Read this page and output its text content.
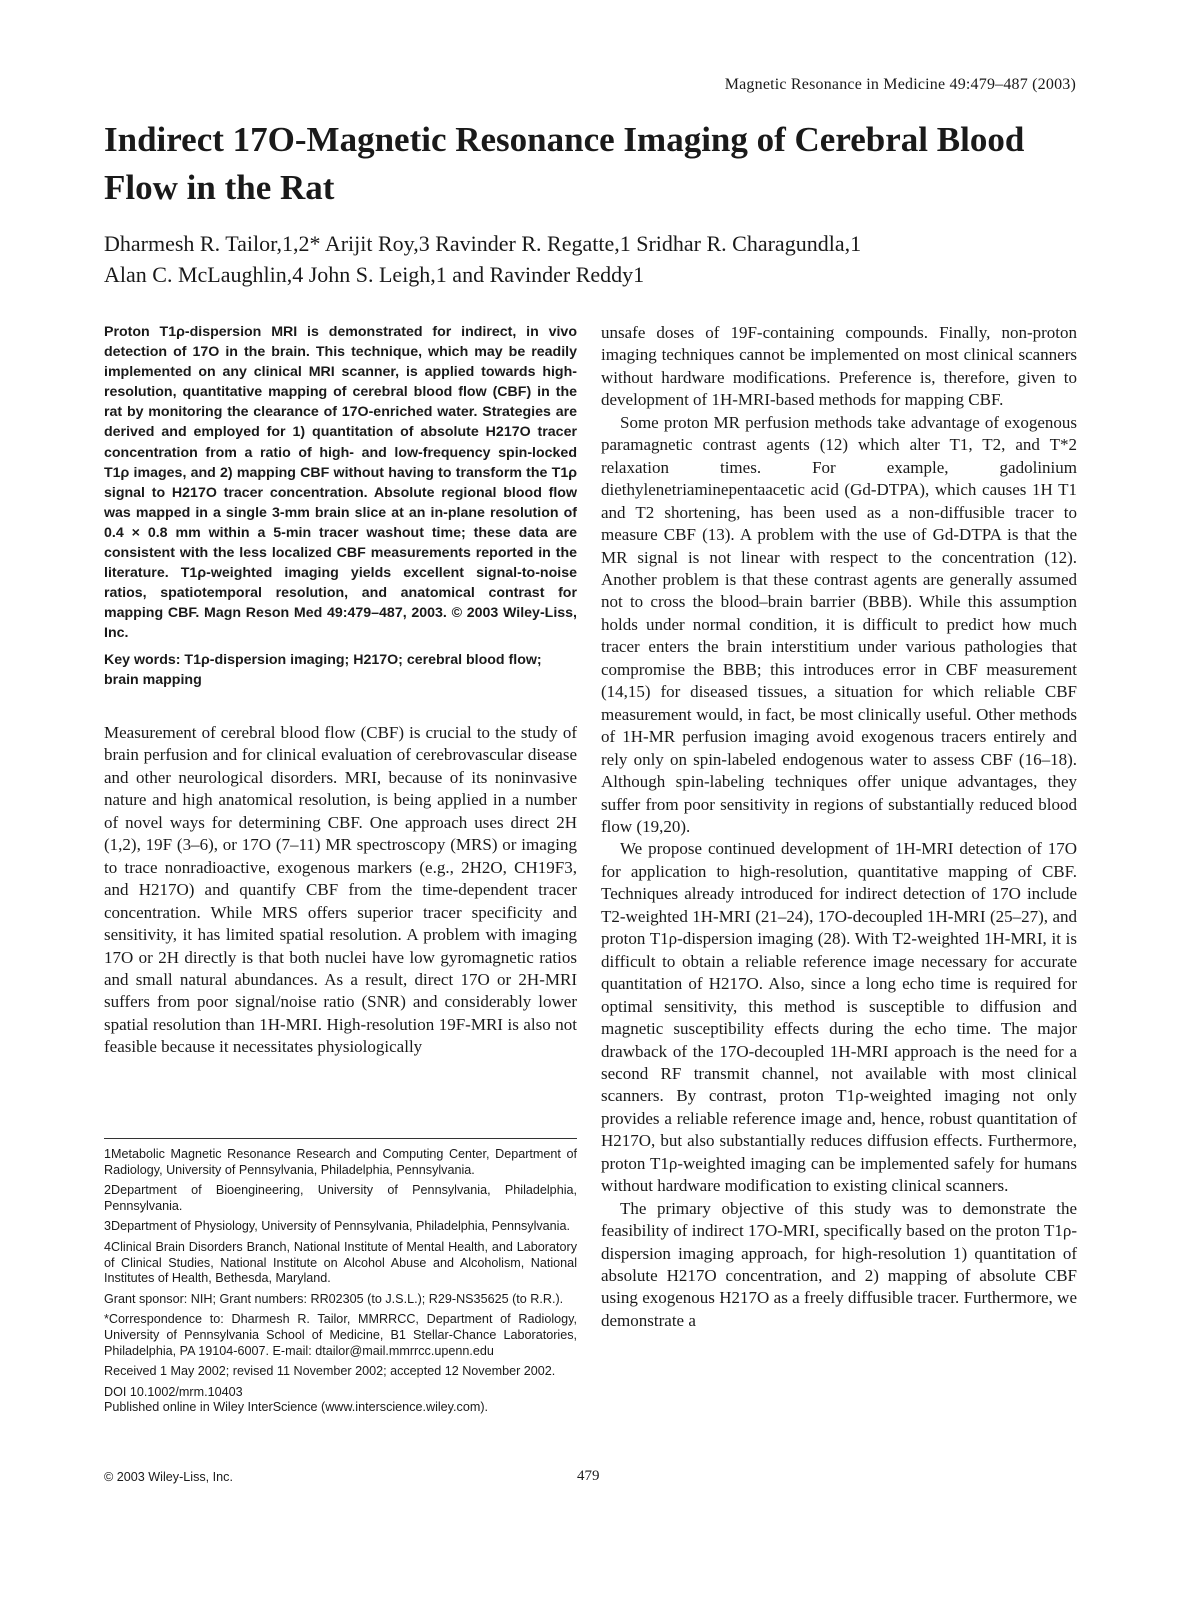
Magnetic Resonance in Medicine 49:479–487 (2003)
Indirect 17O-Magnetic Resonance Imaging of Cerebral Blood Flow in the Rat
Dharmesh R. Tailor,1,2* Arijit Roy,3 Ravinder R. Regatte,1 Sridhar R. Charagundla,1
Alan C. McLaughlin,4 John S. Leigh,1 and Ravinder Reddy1

Proton T1ρ-dispersion MRI is demonstrated for indirect, in vivo detection of 17O in the brain. This technique, which may be readily implemented on any clinical MRI scanner, is applied towards high-resolution, quantitative mapping of cerebral blood flow (CBF) in the rat by monitoring the clearance of 17O-enriched water. Strategies are derived and employed for 1) quantitation of absolute H217O tracer concentration from a ratio of high- and low-frequency spin-locked T1ρ images, and 2) mapping CBF without having to transform the T1ρ signal to H217O tracer concentration. Absolute regional blood flow was mapped in a single 3-mm brain slice at an in-plane resolution of 0.4 × 0.8 mm within a 5-min tracer washout time; these data are consistent with the less localized CBF measurements reported in the literature. T1ρ-weighted imaging yields excellent signal-to-noise ratios, spatiotemporal resolution, and anatomical contrast for mapping CBF. Magn Reson Med 49:479–487, 2003. © 2003 Wiley-Liss, Inc.

Key words: T1ρ-dispersion imaging; H217O; cerebral blood flow; brain mapping

Measurement of cerebral blood flow (CBF) is crucial to the study of brain perfusion and for clinical evaluation of cerebrovascular disease and other neurological disorders. MRI, because of its noninvasive nature and high anatomical resolution, is being applied in a number of novel ways for determining CBF. One approach uses direct 2H (1,2), 19F (3–6), or 17O (7–11) MR spectroscopy (MRS) or imaging to trace nonradioactive, exogenous markers (e.g., 2H2O, CH19F3, and H217O) and quantify CBF from the time-dependent tracer concentration. While MRS offers superior tracer specificity and sensitivity, it has limited spatial resolution. A problem with imaging 17O or 2H directly is that both nuclei have low gyromagnetic ratios and small natural abundances. As a result, direct 17O or 2H-MRI suffers from poor signal/noise ratio (SNR) and considerably lower spatial resolution than 1H-MRI. High-resolution 19F-MRI is also not feasible because it necessitates physiologically

unsafe doses of 19F-containing compounds. Finally, non-proton imaging techniques cannot be implemented on most clinical scanners without hardware modifications. Preference is, therefore, given to development of 1H-MRI-based methods for mapping CBF.

Some proton MR perfusion methods take advantage of exogenous paramagnetic contrast agents (12) which alter T1, T2, and T*2 relaxation times. For example, gadolinium diethylenetriaminepentaacetic acid (Gd-DTPA), which causes 1H T1 and T2 shortening, has been used as a non-diffusible tracer to measure CBF (13). A problem with the use of Gd-DTPA is that the MR signal is not linear with respect to the concentration (12). Another problem is that these contrast agents are generally assumed not to cross the blood–brain barrier (BBB). While this assumption holds under normal condition, it is difficult to predict how much tracer enters the brain interstitium under various pathologies that compromise the BBB; this introduces error in CBF measurement (14,15) for diseased tissues, a situation for which reliable CBF measurement would, in fact, be most clinically useful. Other methods of 1H-MR perfusion imaging avoid exogenous tracers entirely and rely only on spin-labeled endogenous water to assess CBF (16–18). Although spin-labeling techniques offer unique advantages, they suffer from poor sensitivity in regions of substantially reduced blood flow (19,20).

We propose continued development of 1H-MRI detection of 17O for application to high-resolution, quantitative mapping of CBF. Techniques already introduced for indirect detection of 17O include T2-weighted 1H-MRI (21–24), 17O-decoupled 1H-MRI (25–27), and proton T1ρ-dispersion imaging (28). With T2-weighted 1H-MRI, it is difficult to obtain a reliable reference image necessary for accurate quantitation of H217O. Also, since a long echo time is required for optimal sensitivity, this method is susceptible to diffusion and magnetic susceptibility effects during the echo time. The major drawback of the 17O-decoupled 1H-MRI approach is the need for a second RF transmit channel, not available with most clinical scanners. By contrast, proton T1ρ-weighted imaging not only provides a reliable reference image and, hence, robust quantitation of H217O, but also substantially reduces diffusion effects. Furthermore, proton T1ρ-weighted imaging can be implemented safely for humans without hardware modification to existing clinical scanners.

The primary objective of this study was to demonstrate the feasibility of indirect 17O-MRI, specifically based on the proton T1ρ-dispersion imaging approach, for high-resolution 1) quantitation of absolute H217O concentration, and 2) mapping of absolute CBF using exogenous H217O as a freely diffusible tracer. Furthermore, we demonstrate a

1Metabolic Magnetic Resonance Research and Computing Center, Department of Radiology, University of Pennsylvania, Philadelphia, Pennsylvania.

2Department of Bioengineering, University of Pennsylvania, Philadelphia, Pennsylvania.

3Department of Physiology, University of Pennsylvania, Philadelphia, Pennsylvania.

4Clinical Brain Disorders Branch, National Institute of Mental Health, and Laboratory of Clinical Studies, National Institute on Alcohol Abuse and Alcoholism, National Institutes of Health, Bethesda, Maryland.

Grant sponsor: NIH; Grant numbers: RR02305 (to J.S.L.); R29-NS35625 (to R.R.).

*Correspondence to: Dharmesh R. Tailor, MMRRCC, Department of Radiology, University of Pennsylvania School of Medicine, B1 Stellar-Chance Laboratories, Philadelphia, PA 19104-6007. E-mail: dtailor@mail.mmrrcc.upenn.edu

Received 1 May 2002; revised 11 November 2002; accepted 12 November 2002.

DOI 10.1002/mrm.10403
Published online in Wiley InterScience (www.interscience.wiley.com).

© 2003 Wiley-Liss, Inc.	479
